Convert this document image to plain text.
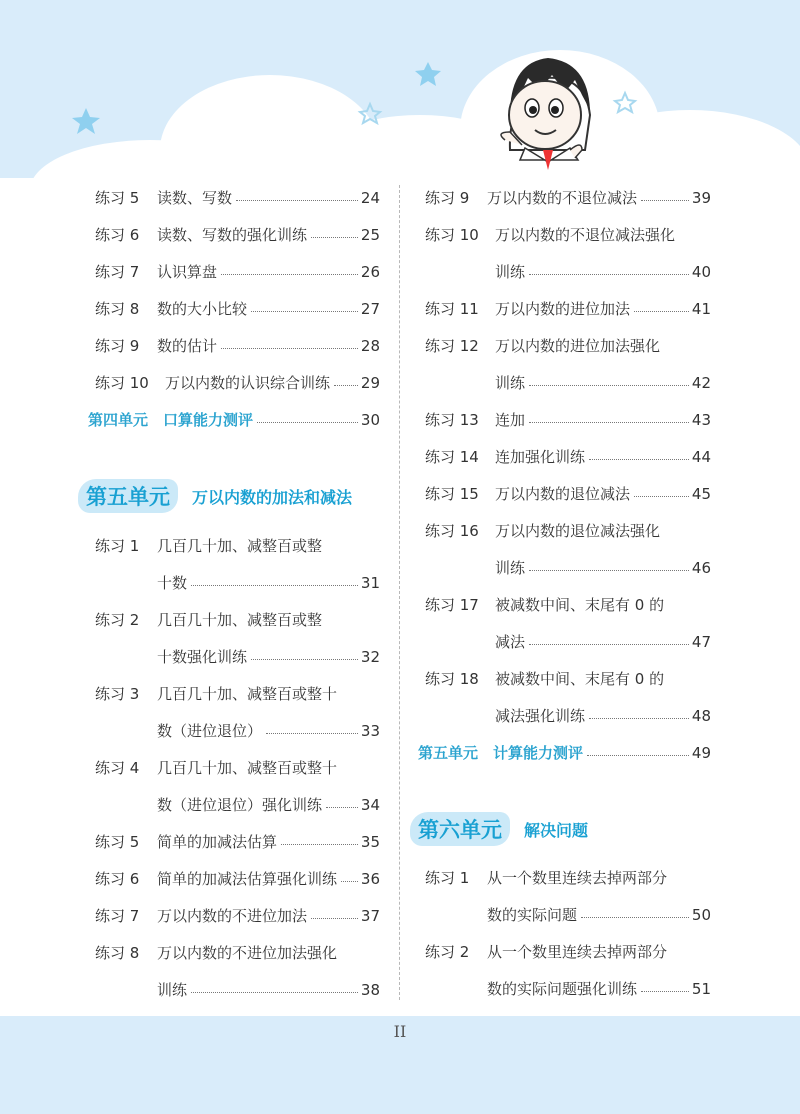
练习 5	读数、写数	24
练习 6	读数、写数的强化训练	25
练习 7	认识算盘	26
练习 8	数的大小比较	27
练习 9	数的估计	28
练习 10	万以内数的认识综合训练 29
第四单元　口算能力测评	30
第五单元	万以内数的加法和减法
练习 1	几百几十加、减整百或整
十数	31
练习 2	几百几十加、减整百或整
十数强化训练	32
练习 3	几百几十加、减整百或整十
数（进位退位）	33
练习 4	几百几十加、减整百或整十
数（进位退位）强化训练	34
练习 5	简单的加减法估算	35
练习 6	简单的加减法估算强化训练 36
练习 7	万以内数的不进位加法	37
练习 8	万以内数的不进位加法强化
训练	38
练习 9	万以内数的不退位减法	39
练习 10	万以内数的不退位减法强化
训练	40
练习 11	万以内数的进位加法	41
练习 12	万以内数的进位加法强化
训练	42
练习 13	连加	43
练习 14	连加强化训练	44
练习 15	万以内数的退位减法	45
练习 16	万以内数的退位减法强化
训练	46
练习 17	被减数中间、末尾有 0 的
减法	47
练习 18	被减数中间、末尾有 0 的
减法强化训练	48
第五单元　计算能力测评	49
第六单元	解决问题
练习 1	从一个数里连续去掉两部分
数的实际问题	50
练习 2	从一个数里连续去掉两部分
数的实际问题强化训练	51
II
